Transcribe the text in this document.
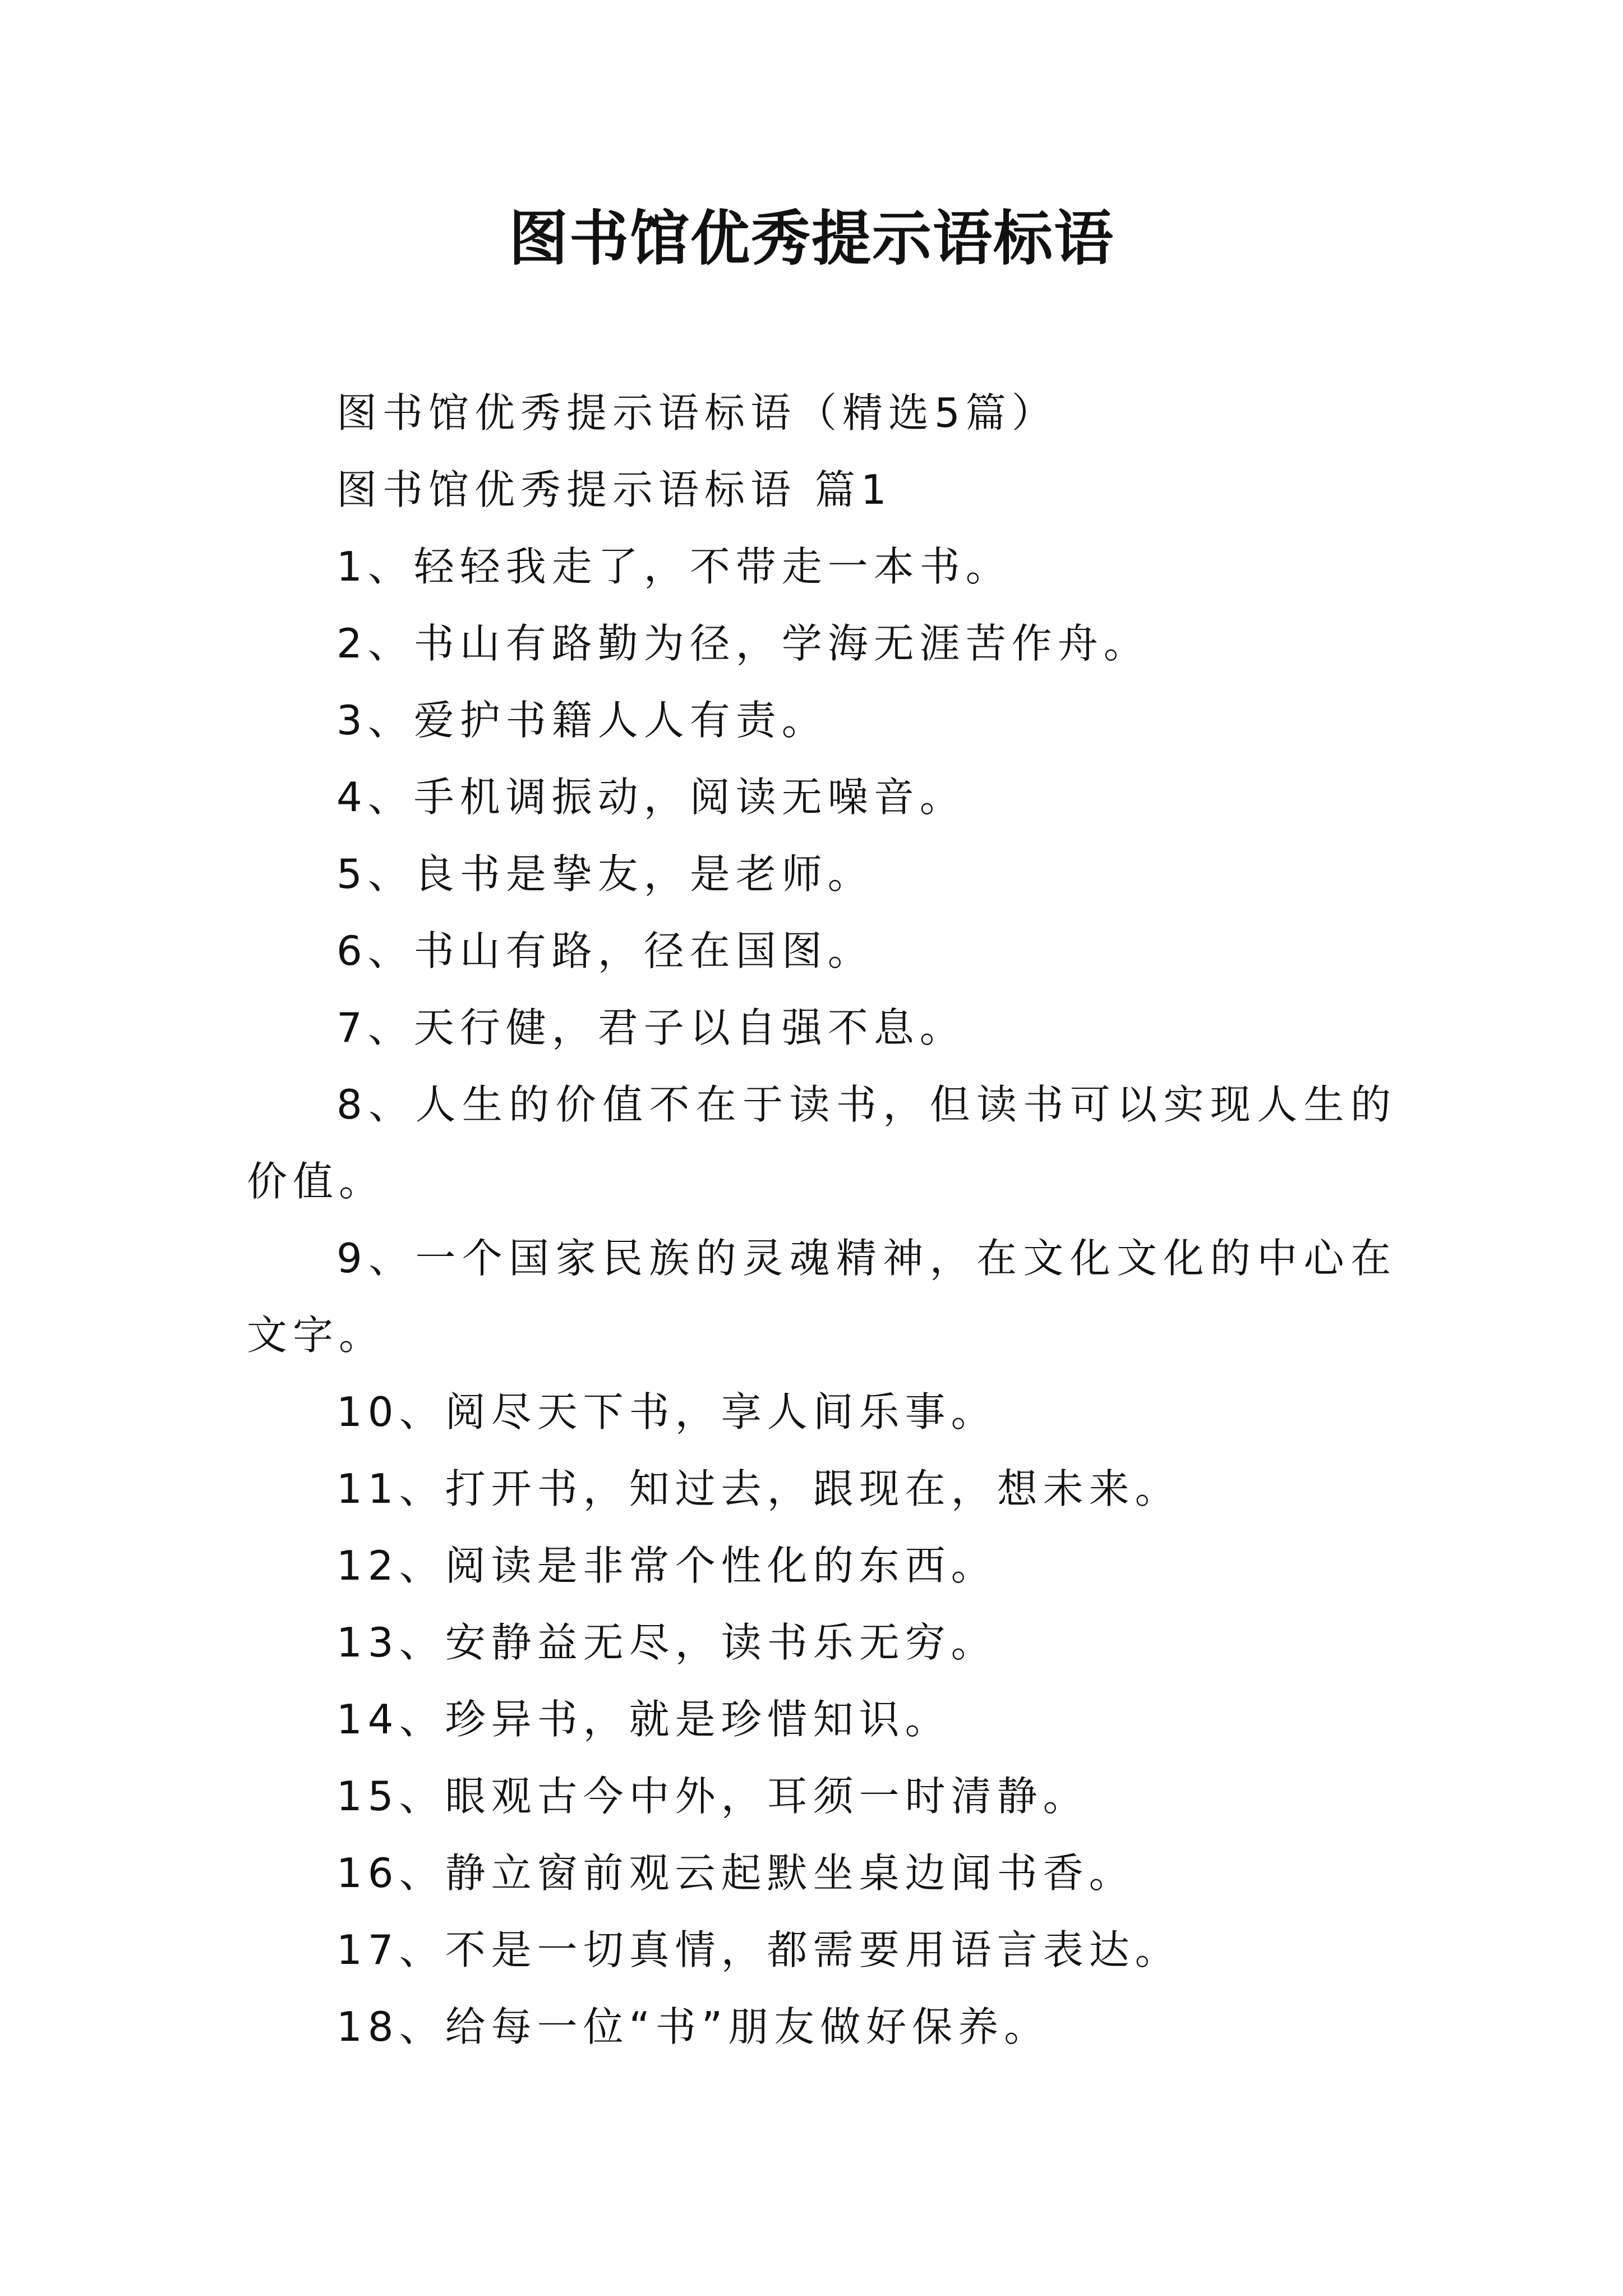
图书馆优秀提示语标语

图书馆优秀提示语标语（精选5篇）

图书馆优秀提示语标语 篇1

1、轻轻我走了，不带走一本书。

2、书山有路勤为径，学海无涯苦作舟。

3、爱护书籍人人有责。

4、手机调振动，阅读无噪音。

5、良书是挚友，是老师。

6、书山有路，径在国图。

7、天行健，君子以自强不息。

8、人生的价值不在于读书，但读书可以实现人生的价值。

9、一个国家民族的灵魂精神，在文化文化的中心在文字。

10、阅尽天下书，享人间乐事。

11、打开书，知过去，跟现在，想未来。

12、阅读是非常个性化的东西。

13、安静益无尽，读书乐无穷。

14、珍异书，就是珍惜知识。

15、眼观古今中外，耳须一时清静。

16、静立窗前观云起默坐桌边闻书香。

17、不是一切真情，都需要用语言表达。

18、给每一位“书”朋友做好保养。
